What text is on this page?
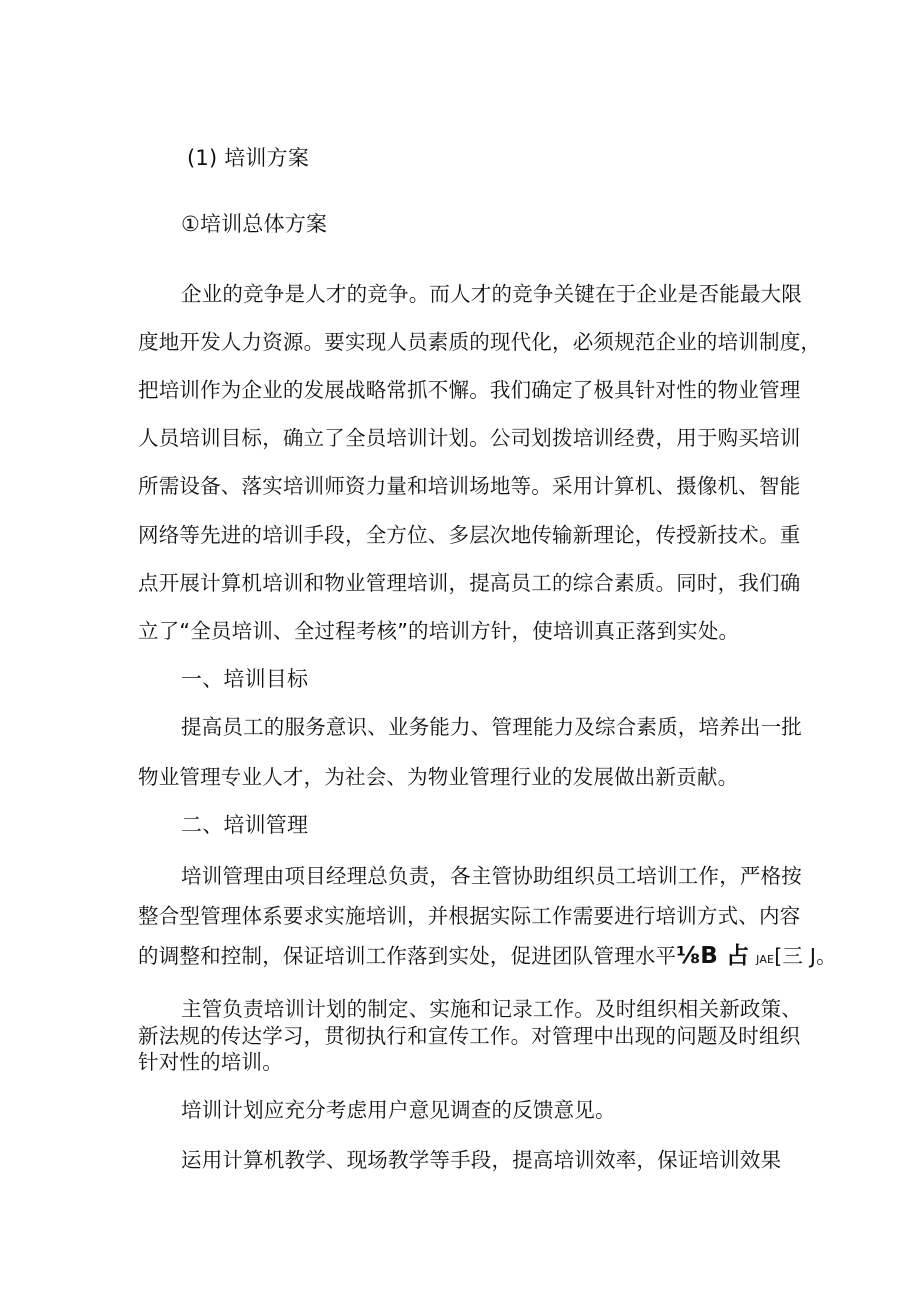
(1) 培训方案

①培训总体方案

企业的竞争是人才的竞争。而人才的竞争关键在于企业是否能最大限

度地开发人力资源。要实现人员素质的现代化，必须规范企业的培训制度，

把培训作为企业的发展战略常抓不懈。我们确定了极具针对性的物业管理

人员培训目标，确立了全员培训计划。公司划拨培训经费，用于购买培训

所需设备、落实培训师资力量和培训场地等。采用计算机、摄像机、智能

网络等先进的培训手段，全方位、多层次地传输新理论，传授新技术。重

点开展计算机培训和物业管理培训，提高员工的综合素质。同时，我们确

立了“全员培训、全过程考核”的培训方针，使培训真正落到实处。

一、培训目标

提高员工的服务意识、业务能力、管理能力及综合素质，培养出一批

物业管理专业人才，为社会、为物业管理行业的发展做出新贡献。

二、培训管理

培训管理由项目经理总负责，各主管协助组织员工培训工作，严格按

整合型管理体系要求实施培训，并根据实际工作需要进行培训方式、内容

的调整和控制，保证培训工作落到实处，促进团队管理水平⅛B 占 JAE[三 J。

主管负责培训计划的制定、实施和记录工作。及时组织相关新政策、

新法规的传达学习，贯彻执行和宣传工作。对管理中出现的问题及时组织

针对性的培训。

培训计划应充分考虑用户意见调查的反馈意见。

运用计算机教学、现场教学等手段，提高培训效率，保证培训效果
